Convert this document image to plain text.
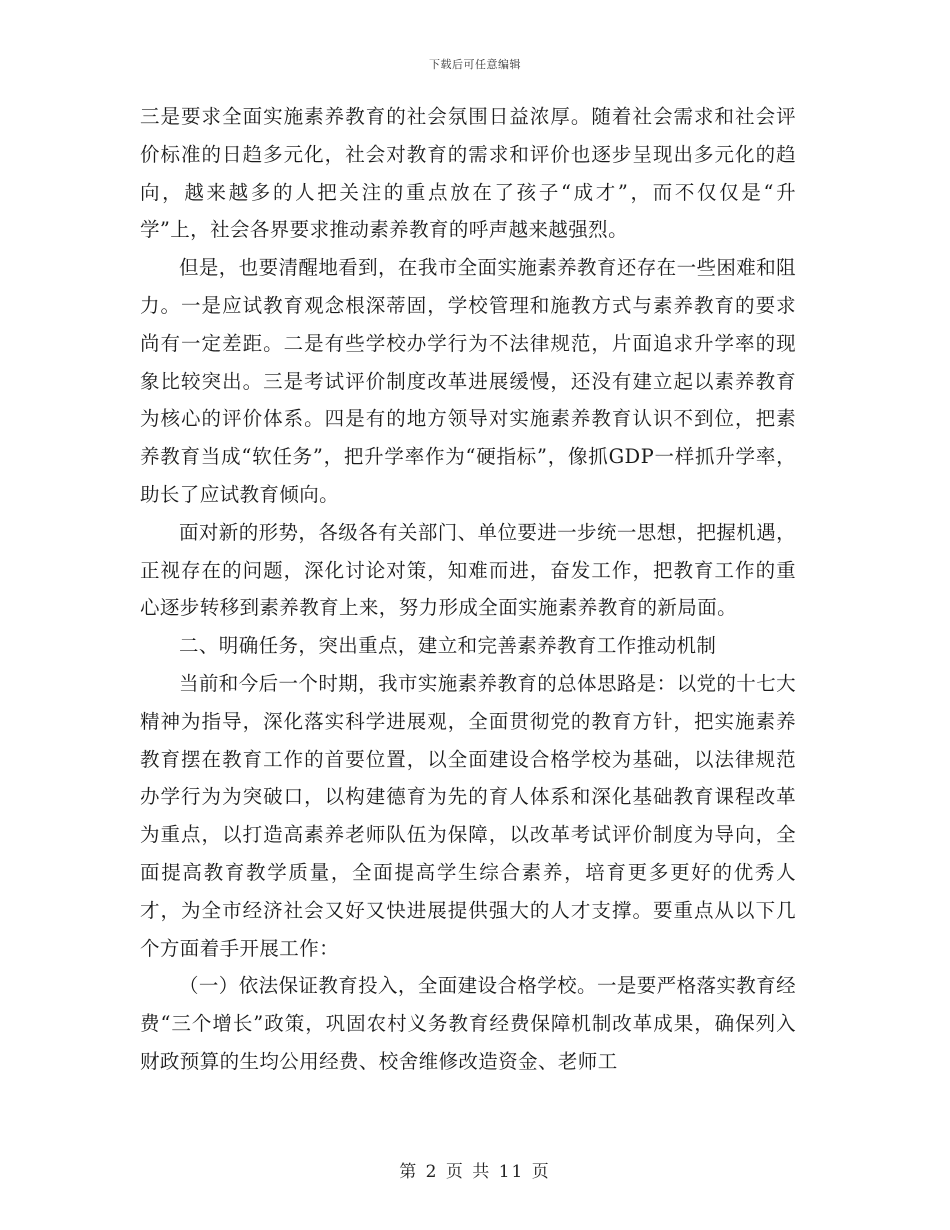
下载后可任意编辑

三是要求全面实施素养教育的社会氛围日益浓厚。随着社会需求和社会评价标准的日趋多元化，社会对教育的需求和评价也逐步呈现出多元化的趋向，越来越多的人把关注的重点放在了孩子“成才”，而不仅仅是“升学”上，社会各界要求推动素养教育的呼声越来越强烈。

但是，也要清醒地看到，在我市全面实施素养教育还存在一些困难和阻力。一是应试教育观念根深蒂固，学校管理和施教方式与素养教育的要求尚有一定差距。二是有些学校办学行为不法律规范，片面追求升学率的现象比较突出。三是考试评价制度改革进展缓慢，还没有建立起以素养教育为核心的评价体系。四是有的地方领导对实施素养教育认识不到位，把素养教育当成“软任务”，把升学率作为“硬指标”，像抓GDP一样抓升学率，助长了应试教育倾向。

面对新的形势，各级各有关部门、单位要进一步统一思想，把握机遇，正视存在的问题，深化讨论对策，知难而进，奋发工作，把教育工作的重心逐步转移到素养教育上来，努力形成全面实施素养教育的新局面。

二、明确任务，突出重点，建立和完善素养教育工作推动机制

当前和今后一个时期，我市实施素养教育的总体思路是：以党的十七大精神为指导，深化落实科学进展观，全面贯彻党的教育方针，把实施素养教育摆在教育工作的首要位置，以全面建设合格学校为基础，以法律规范办学行为为突破口，以构建德育为先的育人体系和深化基础教育课程改革为重点，以打造高素养老师队伍为保障，以改革考试评价制度为导向，全面提高教育教学质量，全面提高学生综合素养，培育更多更好的优秀人才，为全市经济社会又好又快进展提供强大的人才支撑。要重点从以下几个方面着手开展工作：

（一）依法保证教育投入，全面建设合格学校。一是要严格落实教育经费“三个增长”政策，巩固农村义务教育经费保障机制改革成果，确保列入财政预算的生均公用经费、校舍维修改造资金、老师工

第 2 页 共 11 页
